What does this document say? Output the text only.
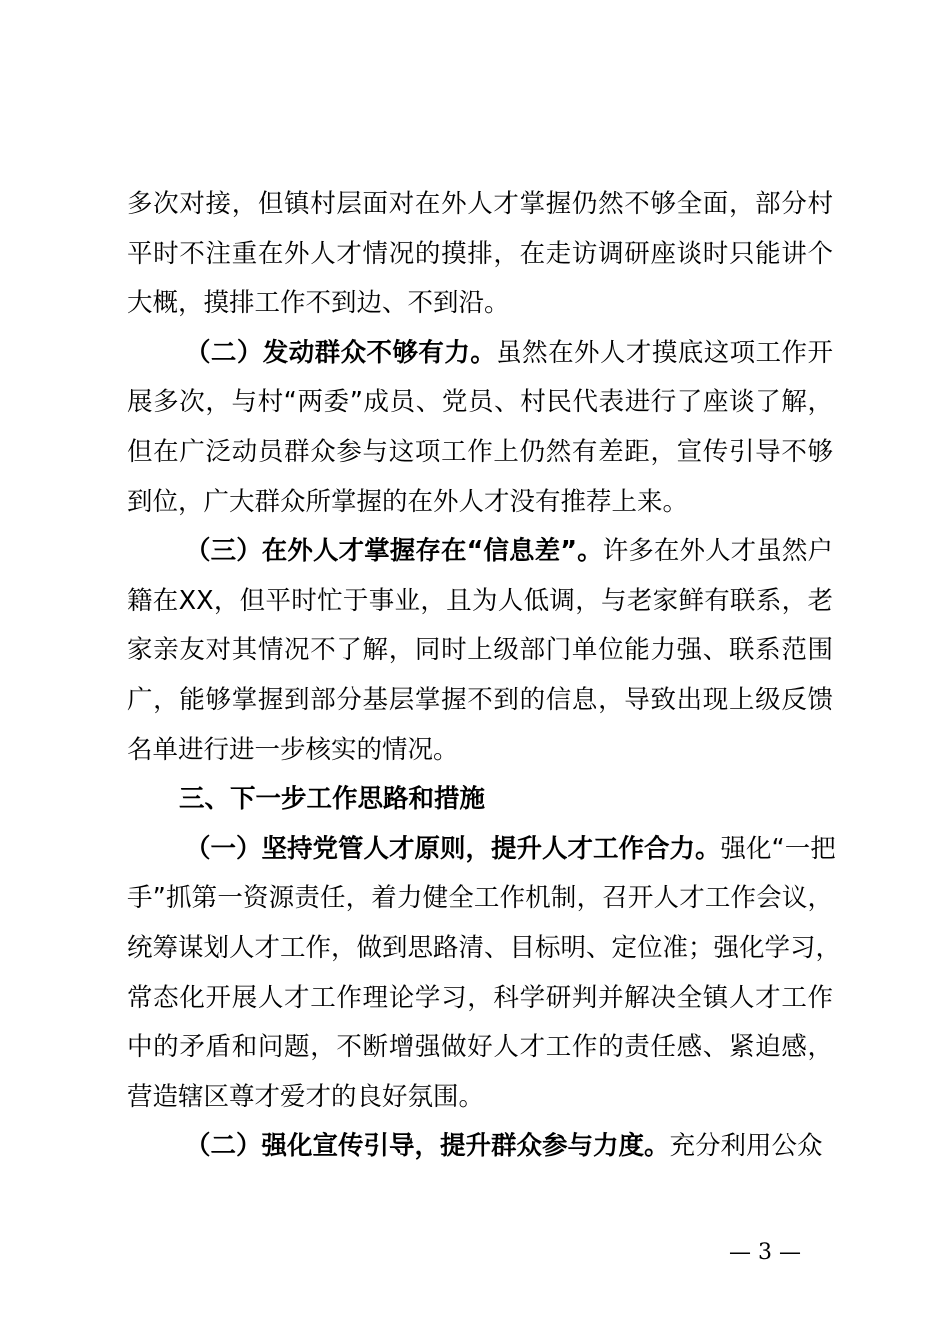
多次对接，但镇村层面对在外人才掌握仍然不够全面，部分村
平时不注重在外人才情况的摸排，在走访调研座谈时只能讲个
大概，摸排工作不到边、不到沿。
（二）发动群众不够有力。虽然在外人才摸底这项工作开
展多次，与村“两委”成员、党员、村民代表进行了座谈了解，
但在广泛动员群众参与这项工作上仍然有差距，宣传引导不够
到位，广大群众所掌握的在外人才没有推荐上来。
（三）在外人才掌握存在“信息差”。许多在外人才虽然户
籍在XX，但平时忙于事业，且为人低调，与老家鲜有联系，老
家亲友对其情况不了解，同时上级部门单位能力强、联系范围
广，能够掌握到部分基层掌握不到的信息，导致出现上级反馈
名单进行进一步核实的情况。
三、下一步工作思路和措施
（一）坚持党管人才原则，提升人才工作合力。强化“一把
手”抓第一资源责任，着力健全工作机制，召开人才工作会议，
统筹谋划人才工作，做到思路清、目标明、定位准；强化学习，
常态化开展人才工作理论学习，科学研判并解决全镇人才工作
中的矛盾和问题，不断增强做好人才工作的责任感、紧迫感，
营造辖区尊才爱才的良好氛围。
（二）强化宣传引导，提升群众参与力度。充分利用公众
— 3 —
